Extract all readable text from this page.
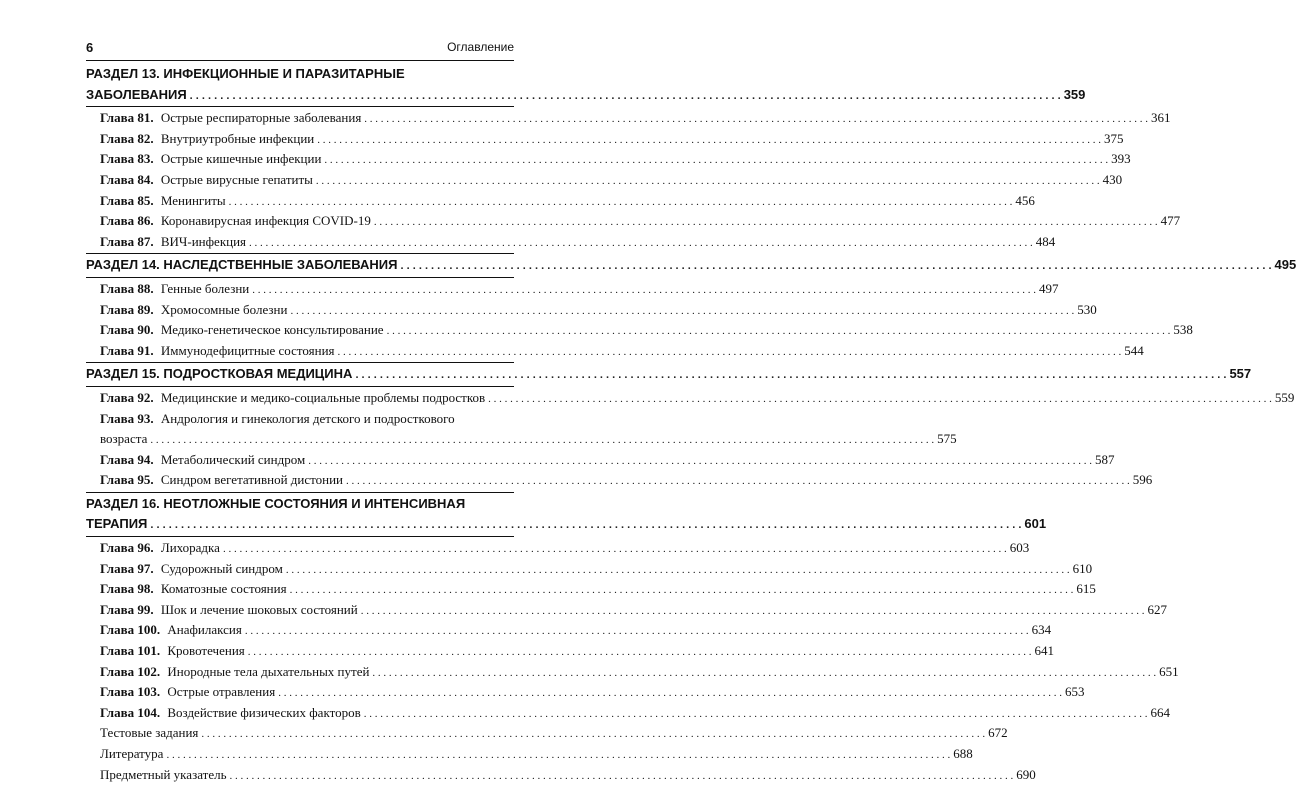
6	Оглавление
РАЗДЕЛ 13. ИНФЕКЦИОННЫЕ И ПАРАЗИТАРНЫЕ
ЗАБОЛЕВАНИЯ . . .	359
Глава 81. Острые респираторные заболевания . . .	361
Глава 82. Внутриутробные инфекции . . .	375
Глава 83. Острые кишечные инфекции . . .	393
Глава 84. Острые вирусные гепатиты . . .	430
Глава 85. Менингиты . . .	456
Глава 86. Коронавирусная инфекция COVID-19 . . .	477
Глава 87. ВИЧ-инфекция . . .	484
РАЗДЕЛ 14. НАСЛЕДСТВЕННЫЕ ЗАБОЛЕВАНИЯ . . .	495
Глава 88. Генные болезни . . .	497
Глава 89. Хромосомные болезни . . .	530
Глава 90. Медико-генетическое консультирование . . .	538
Глава 91. Иммунодефицитные состояния . . .	544
РАЗДЕЛ 15. ПОДРОСТКОВАЯ МЕДИЦИНА . . .	557
Глава 92. Медицинские и медико-социальные проблемы подростков . . .	559
Глава 93. Андрология и гинекология детского и подросткового
возраста . . .	575
Глава 94. Метаболический синдром . . .	587
Глава 95. Синдром вегетативной дистонии . . .	596
РАЗДЕЛ 16. НЕОТЛОЖНЫЕ СОСТОЯНИЯ И ИНТЕНСИВНАЯ
ТЕРАПИЯ . . .	601
Глава 96. Лихорадка . . .	603
Глава 97. Судорожный синдром . . .	610
Глава 98. Коматозные состояния . . .	615
Глава 99. Шок и лечение шоковых состояний . . .	627
Глава 100. Анафилаксия . . .	634
Глава 101. Кровотечения . . .	641
Глава 102. Инородные тела дыхательных путей . . .	651
Глава 103. Острые отравления . . .	653
Глава 104. Воздействие физических факторов . . .	664
Тестовые задания . . .	672
Литература . . .	688
Предметный указатель . . .	690
